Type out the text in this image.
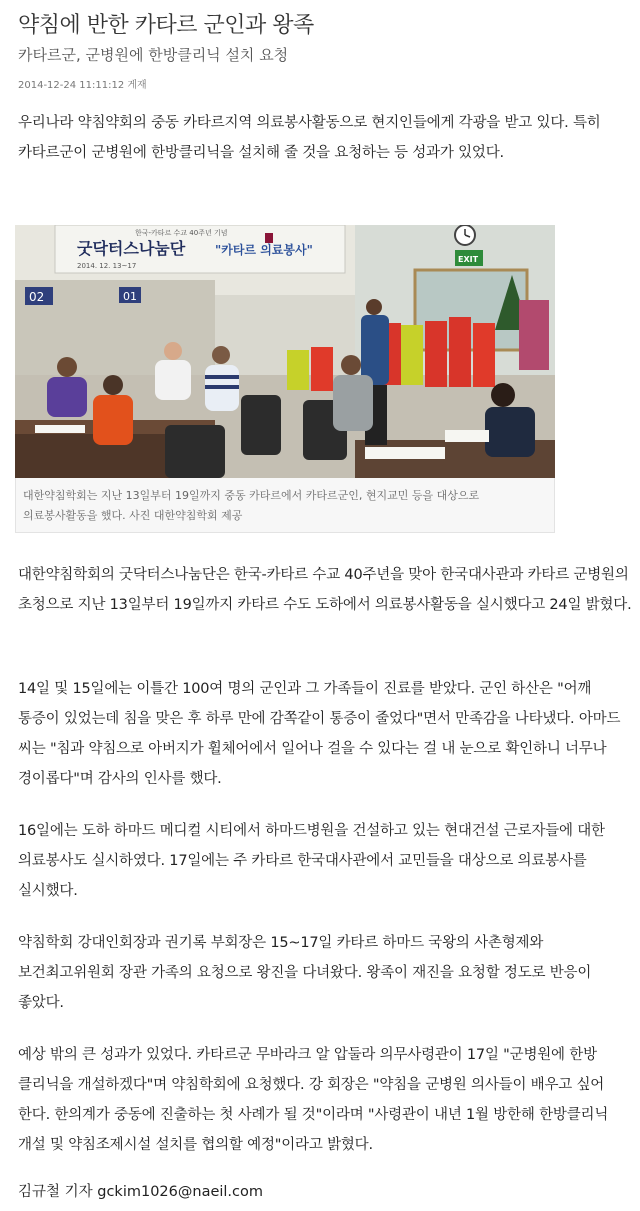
약침에 반한 카타르 군인과 왕족
카타르군, 군병원에 한방클리닉 설치 요청
2014-12-24 11:11:12 게재
우리나라 약침약회의 중동 카타르지역 의료봉사활동으로 현지인들에게 각광을 받고 있다. 특히 카타르군이 군병원에 한방클리닉을 설치해 줄 것을 요청하는 등 성과가 있었다.
02	01
한국-카타르 수교 40주년 기념
굿닥터스나눔단 "카타르 의료봉사"
2014. 12. 13~17
EXIT
대한약침학회는 지난 13일부터 19일까지 중동 카타르에서 카타르군인, 현지교민 등을 대상으로 의료봉사활동을 했다. 사진 대한약침학회 제공
대한약침학회의 굿닥터스나눔단은 한국-카타르 수교 40주년을 맞아 한국대사관과 카타르 군병원의 초청으로 지난 13일부터 19일까지 카타르 수도 도하에서 의료봉사활동을 실시했다고 24일 밝혔다.
14일 및 15일에는 이틀간 100여 명의 군인과 그 가족들이 진료를 받았다. 군인 하산은 "어깨 통증이 있었는데 침을 맞은 후 하루 만에 감쪽같이 통증이 줄었다"면서 만족감을 나타냈다. 아마드 씨는 "침과 약침으로 아버지가 휠체어에서 일어나 걸을 수 있다는 걸 내 눈으로 확인하니 너무나 경이롭다"며 감사의 인사를 했다.
16일에는 도하 하마드 메디컬 시티에서 하마드병원을 건설하고 있는 현대건설 근로자들에 대한 의료봉사도 실시하였다. 17일에는 주 카타르 한국대사관에서 교민들을 대상으로 의료봉사를 실시했다.
약침학회 강대인회장과 권기록 부회장은 15~17일 카타르 하마드 국왕의 사촌형제와 보건최고위원회 장관 가족의 요청으로 왕진을 다녀왔다. 왕족이 재진을 요청할 정도로 반응이 좋았다.
예상 밖의 큰 성과가 있었다. 카타르군 무바라크 알 압둘라 의무사령관이 17일 "군병원에 한방 클리닉을 개설하겠다"며 약침학회에 요청했다. 강 회장은 "약침을 군병원 의사들이 배우고 싶어 한다. 한의계가 중동에 진출하는 첫 사례가 될 것"이라며 "사령관이 내년 1월 방한해 한방클리닉 개설 및 약침조제시설 설치를 협의할 예정"이라고 밝혔다.
김규철 기자 gckim1026@naeil.com
